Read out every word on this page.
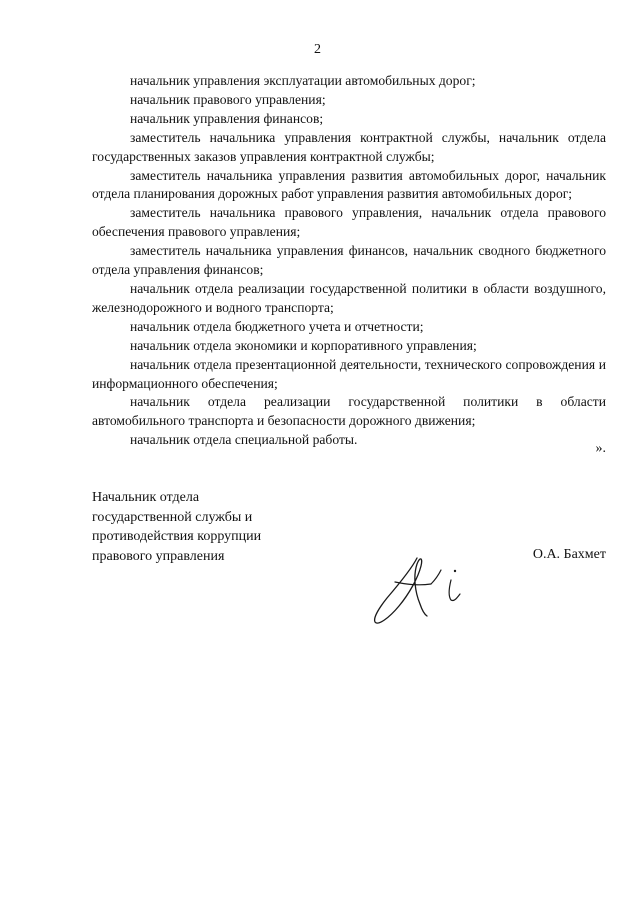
2

начальник управления эксплуатации автомобильных дорог;

начальник правового управления;

начальник управления финансов;

заместитель начальника управления контрактной службы, начальник отдела государственных заказов управления контрактной службы;

заместитель начальника управления развития автомобильных дорог, начальник отдела планирования дорожных работ управления развития автомобильных дорог;

заместитель начальника правового управления, начальник отдела правового обеспечения правового управления;

заместитель начальника управления финансов, начальник сводного бюджетного отдела управления финансов;

начальник отдела реализации государственной политики в области воздушного, железнодорожного и водного транспорта;

начальник отдела бюджетного учета и отчетности;

начальник отдела экономики и корпоративного управления;

начальник отдела презентационной деятельности, технического сопровождения и информационного обеспечения;

начальник отдела реализации государственной политики в области автомобильного транспорта и безопасности дорожного движения;

начальник отдела специальной работы.

».
Начальник отдела
государственной службы и
противодействия коррупции
правового управления	О.А. Бахмет
